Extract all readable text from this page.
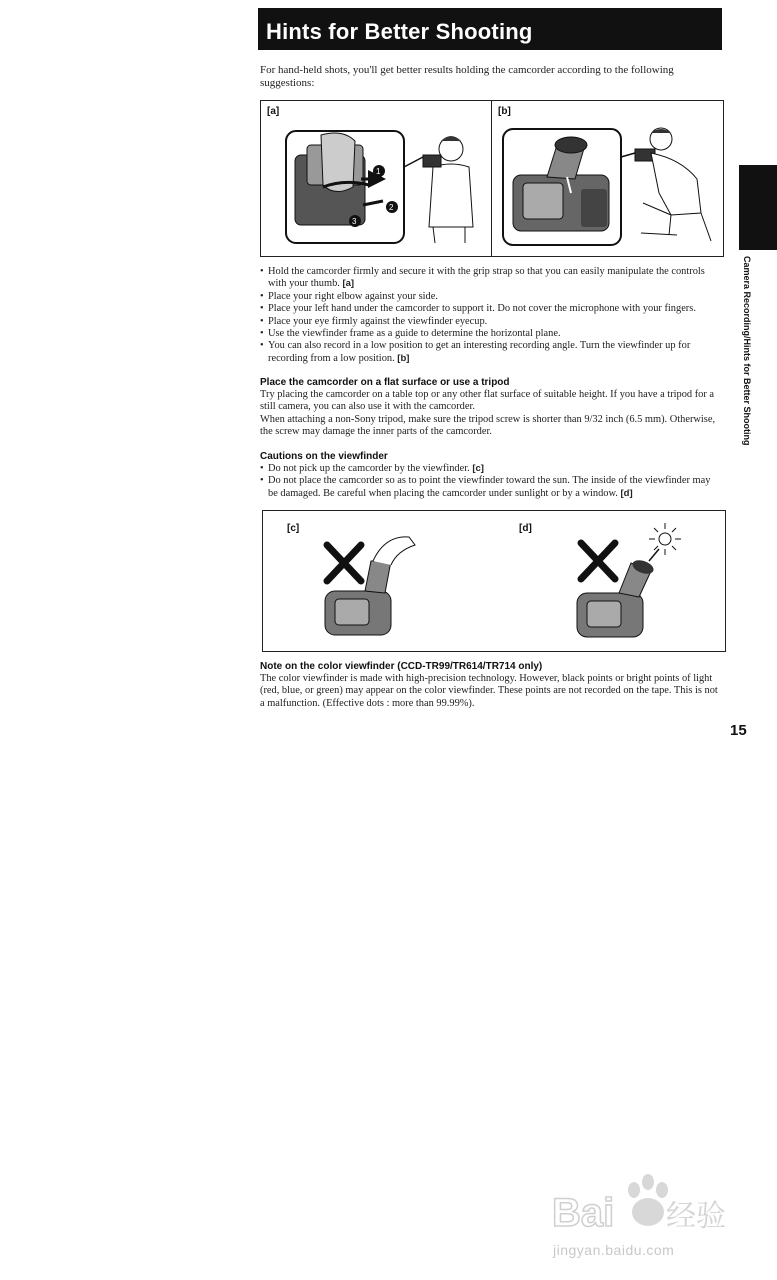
Hints for Better Shooting
For hand-held shots, you'll get better results holding the camcorder according to the following suggestions:
[a]	[b]
1
2
3
• Hold the camcorder firmly and secure it with the grip strap so that you can easily manipulate the controls with your thumb. [a]
• Place your right elbow against your side.
• Place your left hand under the camcorder to support it. Do not cover the microphone with your fingers.
• Place your eye firmly against the viewfinder eyecup.
• Use the viewfinder frame as a guide to determine the horizontal plane.
• You can also record in a low position to get an interesting recording angle. Turn the viewfinder up for recording from a low position. [b]
Place the camcorder on a flat surface or use a tripod

Try placing the camcorder on a table top or any other flat surface of suitable height. If you have a tripod for a still camera, you can also use it with the camcorder.

When attaching a non-Sony tripod, make sure the tripod screw is shorter than 9/32 inch (6.5 mm). Otherwise, the screw may damage the inner parts of the camcorder.

Cautions on the viewfinder
• Do not pick up the camcorder by the viewfinder. [c]
• Do not place the camcorder so as to point the viewfinder toward the sun. The inside of the viewfinder may be damaged. Be careful when placing the camcorder under sunlight or by a window. [d]
[c]	[d]
Note on the color viewfinder (CCD-TR99/TR614/TR714 only)
The color viewfinder is made with high-precision technology. However, black points or bright points of light (red, blue, or green) may appear on the color viewfinder. These points are not recorded on the tape. This is not a malfunction. (Effective dots : more than 99.99%).
Camera Recording/Hints for Better Shooting
15
Bai 经验
jingyan.baidu.com
